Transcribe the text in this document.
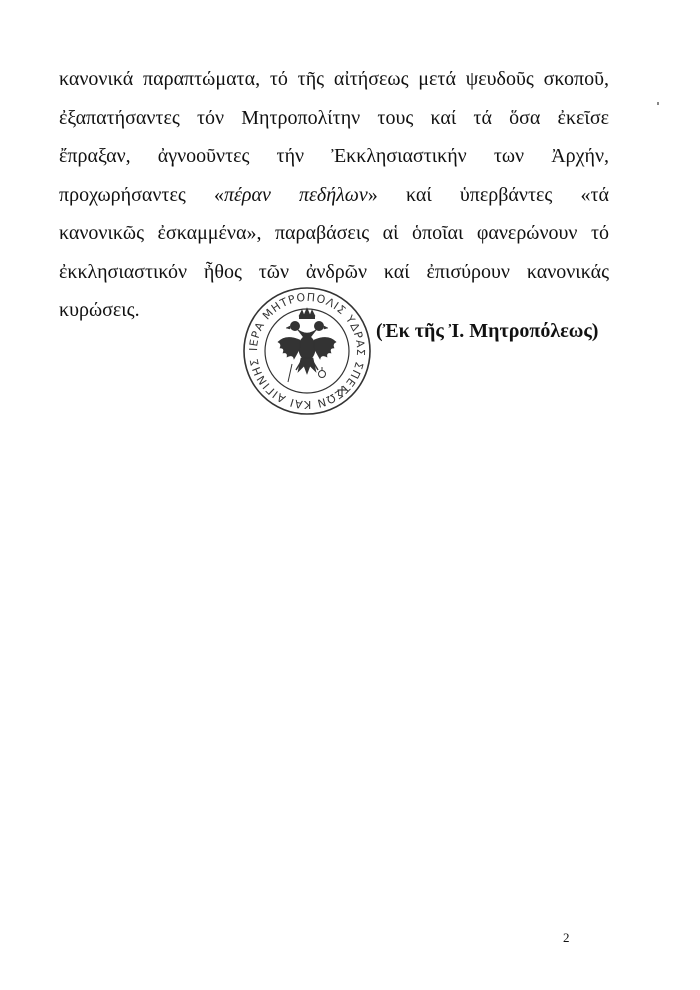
κανονικά παραπτώματα, τό τῆς αἰτήσεως μετά ψευδοῦς σκοποῦ,
ἐξαπατήσαντες τόν Μητροπολίτην τους καί τά ὅσα ἐκεῖσε
ἔπραξαν, ἀγνοοῦντες τήν Ἐκκλησιαστικήν των Ἀρχήν,
προχωρήσαντες «πέραν πεδήλων» καί ὑπερβάντες «τά
κανονικῶς ἐσκαμμένα», παραβάσεις αἱ ὁποῖαι φανερώνουν τό
ἐκκλησιαστικόν ἦθος τῶν ἀνδρῶν καί ἐπισύρουν κανονικάς
κυρώσεις.
ΙΕΡΑ ΜΗΤΡΟΠΟΛΙΣ ΥΔΡΑΣ ΣΠΕΤΣΩΝ ΚΑΙ ΑΙΓΙΝΗΣ
(Ἐκ τῆς Ἰ. Μητροπόλεως)
2
